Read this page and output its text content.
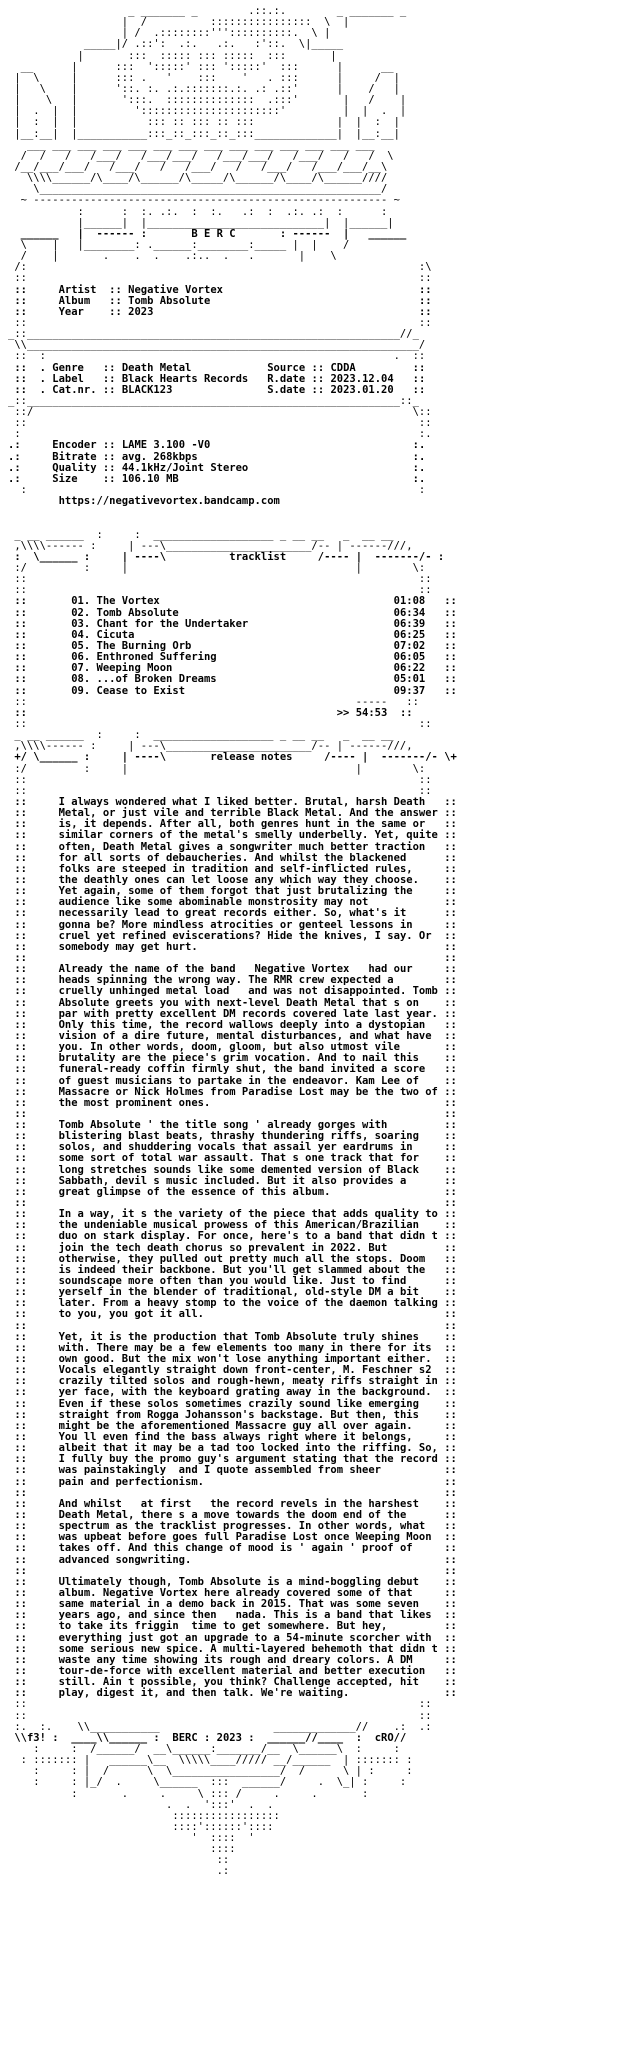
_ _______ _        .::.:.        _ _______ _
|  /          ::::::::::::::::  \  |
| /  .::::::::'''::::::::::.  \ |
_____|/ .::':  .:.   .:.   :'::.  \|_____
|       :::  ::::: ::: :::::  :::       |
__      |      :::  ':::::' ::: ':::::'  :::      |      __
|  \     |      ::: .   '    :::    '   . :::      |     /  |
|   \    |      '::. :. .:.:::::::.:. .: .::'      |    /   |
|    \   |       ':::.  ::::::::::::::  .:::'       |   /    |
|  .  |  |         '::::::::::::::::::::::'         |  |  .  |
|  :  |  |           ::: :: ::: :: :::             |  |  :  |
|__:__|  |___________:::_::_:::_::_:::_____________|  |__:__|
___ ___ ___ ___ ___ ___ ___ ___ ___ ___ ___ ___ ___ ___
/  /   /   /___/   /___/___/   /___/___/   /___/   /   /  \
/__/___/___/   /___/   /   /___/   /   /___/   /___/___/__\
\\\\______/\____/\______/\_____/\______/\____/\______////
\______________________________________________________/
~ -------------------------------------------------------- ~
:      :  :. .:.  :  :.   .:  :  .:. .:  :      :
|______|  |____________________________|  |______|
______   |  ------ :       B E R C       : ------  |   ______
\    |   |________: .______:________:_____ |  |    /
/    |       .    .  .    .:..  .   .       |    \
/:                                                              :\
::                                                              ::
::     Artist  :: Negative Vortex                               ::
::     Album   :: Tomb Absolute                                 ::
::     Year    :: 2023                                          ::
::                                                              ::
_::___________________________________________________________//_
\\______________________________________________________________/
::  :                                                       .  ::
::  . Genre   :: Death Metal            Source :: CDDA         ::
::  . Label   :: Black Hearts Records   R.date :: 2023.12.04   ::
::  . Cat.nr. :: BLACK123               S.date :: 2023.01.20   ::
_::___________________________________________________________::_
::/                                                            \::
::                                                              ::
:                                                               :.
.:     Encoder :: LAME 3.100 -V0                                :.
.:     Bitrate :: avg. 268kbps                                  :.
.:     Quality :: 44.1kHz/Joint Stereo                          :.
.:     Size    :: 106.10 MB                                     :.
:                                                              :
https://negativevortex.bandcamp.com
_ __ ______  :     :  ___________________ _ __ __   _  __ __
,\\\\------ :     | ---\_______________________/-- | ------///,
:  \______ :     | ----\          tracklist     /---- |  -------/- :
:/         :     |                                    |        \:
::                                                              ::
::                                                              ::
::       01. The Vortex	01:08   ::
::       02. Tomb Absolute	06:34   ::
::       03. Chant for the Undertaker	06:39   ::
::       04. Cicuta	06:25   ::
::       05. The Burning Orb	07:02   ::
::       06. Enthroned Suffering	06:05   ::
::       07. Weeping Moon	06:22   ::
::       08. ...of Broken Dreams	05:01   ::
::       09. Cease to Exist	09:37   ::
::                                                    -----   ::
::                                                 >> 54:53  ::
::                                                              ::
_ __ ______  :     :  ___________________ _ __ __   _  __ __
,\\\\------ :     | ---\_______________________/-- | ------///,
+/ \______ :     | ----\       release notes     /---- |  -------/- \+
:/         :     |                                    |        \:
::                                                              ::
::                                                              ::
::     I always wondered what I liked better. Brutal, harsh Death   ::
::     Metal, or just vile and terrible Black Metal. And the answer ::
::     is, it depends. After all, both genres hunt in the same or   ::
::     similar corners of the metal's smelly underbelly. Yet, quite ::
::     often, Death Metal gives a songwriter much better traction   ::
::     for all sorts of debaucheries. And whilst the blackened      ::
::     folks are steeped in tradition and self-inflicted rules,     ::
::     the deathly ones can let loose any which way they choose.    ::
::     Yet again, some of them forgot that just brutalizing the     ::
::     audience like some abominable monstrosity may not            ::
::     necessarily lead to great records either. So, what's it      ::
::     gonna be? More mindless atrocities or genteel lessons in     ::
::     cruel yet refined eviscerations? Hide the knives, I say. Or  ::
::     somebody may get hurt.                                       ::
::	::
::     Already the name of the band   Negative Vortex   had our     ::
::     heads spinning the wrong way. The RMR crew expected a        ::
::     cruelly unhinged metal load   and was not disappointed. Tomb ::
::     Absolute greets you with next-level Death Metal that s on    ::
::     par with pretty excellent DM records covered late last year. ::
::     Only this time, the record wallows deeply into a dystopian   ::
::     vision of a dire future, mental disturbances, and what have  ::
::     you. In other words, doom, gloom, but also utmost vile       ::
::     brutality are the piece's grim vocation. And to nail this    ::
::     funeral-ready coffin firmly shut, the band invited a score   ::
::     of guest musicians to partake in the endeavor. Kam Lee of    ::
::     Massacre or Nick Holmes from Paradise Lost may be the two of ::
::     the most prominent ones.                                     ::
::	::
::     Tomb Absolute ' the title song ' already gorges with         ::
::     blistering blast beats, thrashy thundering riffs, soaring    ::
::     solos, and shuddering vocals that assail yer eardrums in     ::
::     some sort of total war assault. That s one track that for    ::
::     long stretches sounds like some demented version of Black    ::
::     Sabbath, devil s music included. But it also provides a      ::
::     great glimpse of the essence of this album.                  ::
::	::
::     In a way, it s the variety of the piece that adds quality to ::
::     the undeniable musical prowess of this American/Brazilian    ::
::     duo on stark display. For once, here's to a band that didn t ::
::     join the tech death chorus so prevalent in 2022. But         ::
::     otherwise, they pulled out pretty much all the stops. Doom   ::
::     is indeed their backbone. But you'll get slammed about the   ::
::     soundscape more often than you would like. Just to find      ::
::     yerself in the blender of traditional, old-style DM a bit    ::
::     later. From a heavy stomp to the voice of the daemon talking ::
::     to you, you got it all.                                      ::
::	::
::     Yet, it is the production that Tomb Absolute truly shines    ::
::     with. There may be a few elements too many in there for its  ::
::     own good. But the mix won't lose anything important either.  ::
::     Vocals elegantly straight down front-center, M. Feschner s2  ::
::     crazily tilted solos and rough-hewn, meaty riffs straight in ::
::     yer face, with the keyboard grating away in the background.  ::
::     Even if these solos sometimes crazily sound like emerging    ::
::     straight from Rogga Johansson's backstage. But then, this    ::
::     might be the aforementioned Massacre guy all over again.     ::
::     You ll even find the bass always right where it belongs,     ::
::     albeit that it may be a tad too locked into the riffing. So, ::
::     I fully buy the promo guy's argument stating that the record ::
::     was painstakingly  and I quote assembled from sheer          ::
::     pain and perfectionism.                                      ::
::	::
::     And whilst   at first   the record revels in the harshest    ::
::     Death Metal, there s a move towards the doom end of the      ::
::     spectrum as the tracklist progresses. In other words, what   ::
::     was upbeat before goes full Paradise Lost once Weeping Moon  ::
::     takes off. And this change of mood is ' again ' proof of     ::
::     advanced songwriting.                                        ::
::	::
::     Ultimately though, Tomb Absolute is a mind-boggling debut    ::
::     album. Negative Vortex here already covered some of that     ::
::     same material in a demo back in 2015. That was some seven    ::
::     years ago, and since then   nada. This is a band that likes  ::
::     to take its friggin  time to get somewhere. But hey,         ::
::     everything just got an upgrade to a 54-minute scorcher with  ::
::     some serious new spice. A multi-layered behemoth that didn t ::
::     waste any time showing its rough and dreary colors. A DM     ::
::     tour-de-force with excellent material and better execution   ::
::     still. Ain t possible, you think? Challenge accepted, hit    ::
::     play, digest it, and then talk. We're waiting.               ::
::                                                              ::
::                                                              ::
:.  :.    \\___________                  _____________//    .:  .:
\\f3! :  ____\\______ :  BERC : 2023 :  ______//____  :  cRO//
:     :  /______/  __\______:_______/__  \______\  :     :
: ::::::: |   ______\__  \\\\\____///// __/______  | ::::::: :
:     : |  /      \  \_________________/  /      \ | :     :
:     : |_/  .     \______  :::  ______/     .  \_| :     :
:       .     .     \ ::: /     .     .       :
.  .  ':::'  .  .
:::::::::::::::::
::::'::::::'::::
'  ::::  '
::::
::
.:
